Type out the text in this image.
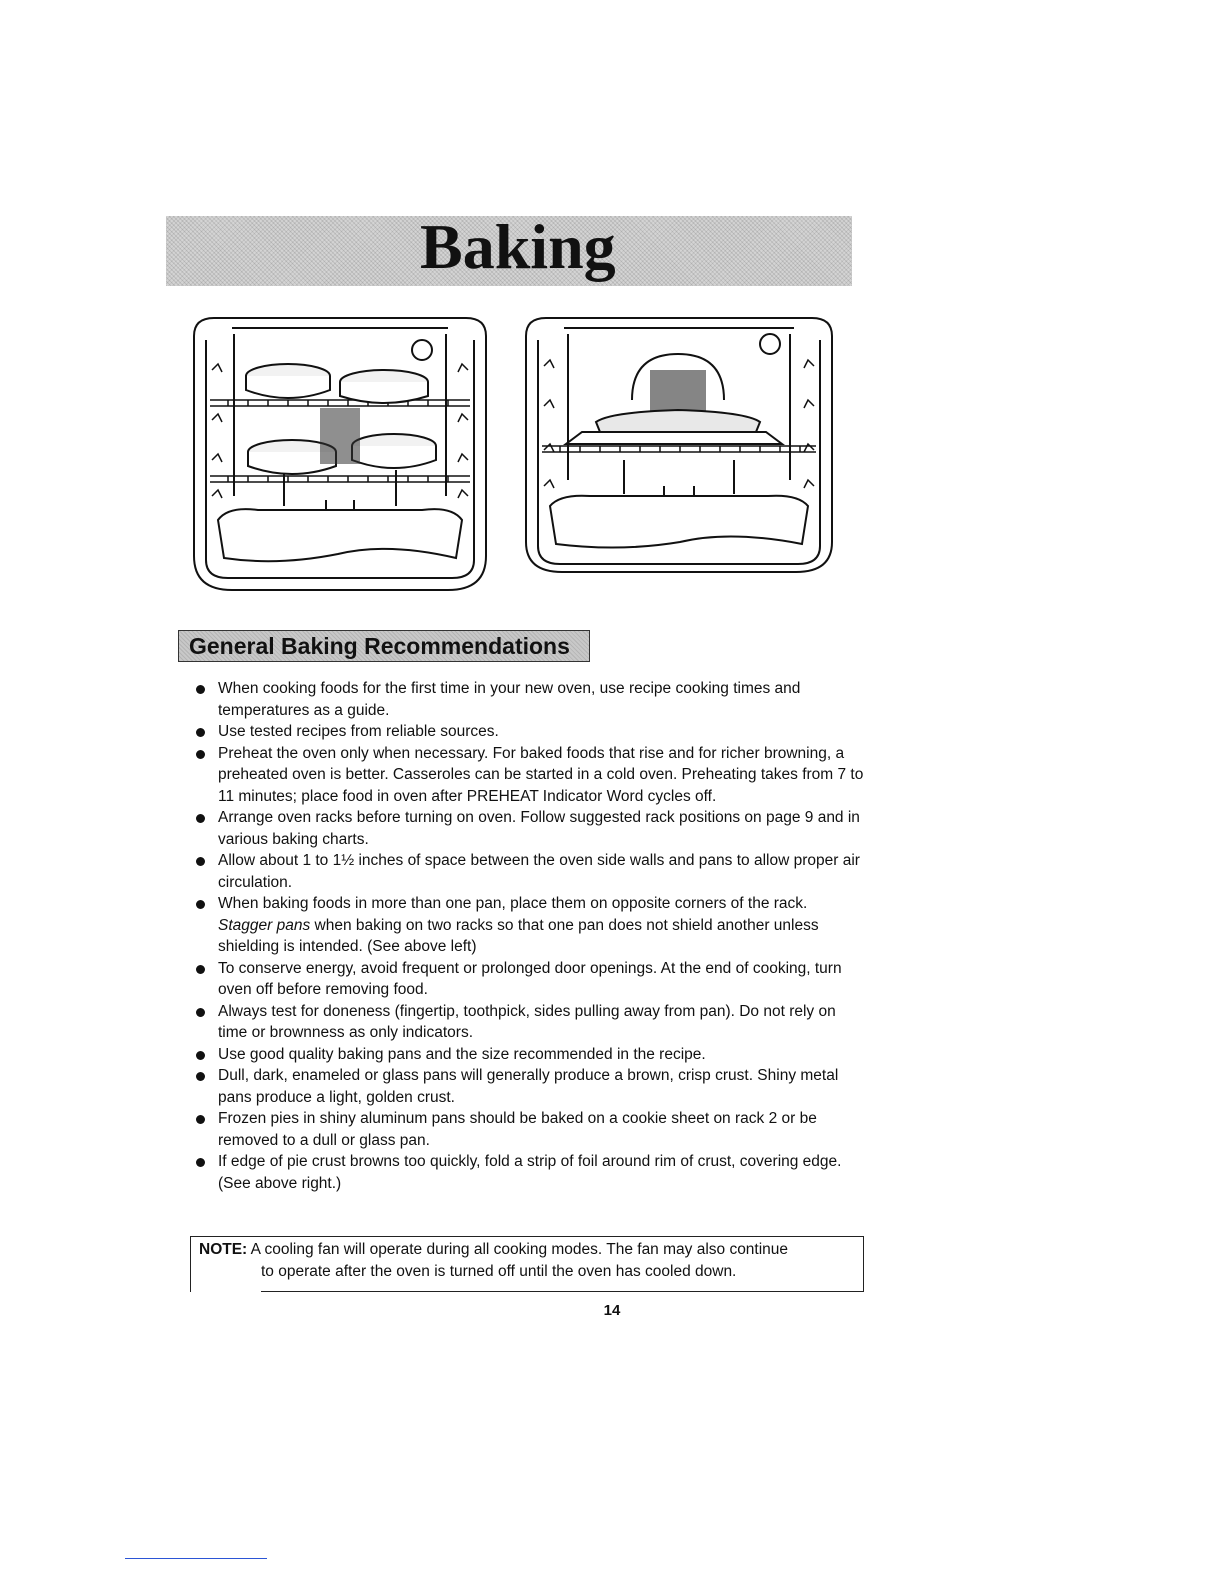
Baking
General Baking Recommendations
When cooking foods for the first time in your new oven, use recipe cooking times and temperatures as a guide.
Use tested recipes from reliable sources.
Preheat the oven only when necessary. For baked foods that rise and for richer browning, a preheated oven is better. Casseroles can be started in a cold oven. Preheating takes from 7 to 11 minutes; place food in oven after PREHEAT Indicator Word cycles off.
Arrange oven racks before turning on oven. Follow suggested rack positions on page 9 and in various baking charts.
Allow about 1 to 1½ inches of space between the oven side walls and pans to allow proper air circulation.
When baking foods in more than one pan, place them on opposite corners of the rack. Stagger pans when baking on two racks so that one pan does not shield another unless shielding is intended. (See above left)
To conserve energy, avoid frequent or prolonged door openings. At the end of cooking, turn oven off before removing food.
Always test for doneness (fingertip, toothpick, sides pulling away from pan). Do not rely on time or brownness as only indicators.
Use good quality baking pans and the size recommended in the recipe.
Dull, dark, enameled or glass pans will generally produce a brown, crisp crust. Shiny metal pans produce a light, golden crust.
Frozen pies in shiny aluminum pans should be baked on a cookie sheet on rack 2 or be removed to a dull or glass pan.
If edge of pie crust browns too quickly, fold a strip of foil around rim of crust, covering edge. (See above right.)
NOTE: A cooling fan will operate during all cooking modes. The fan may also continue
to operate after the oven is turned off until the oven has cooled down.
14
